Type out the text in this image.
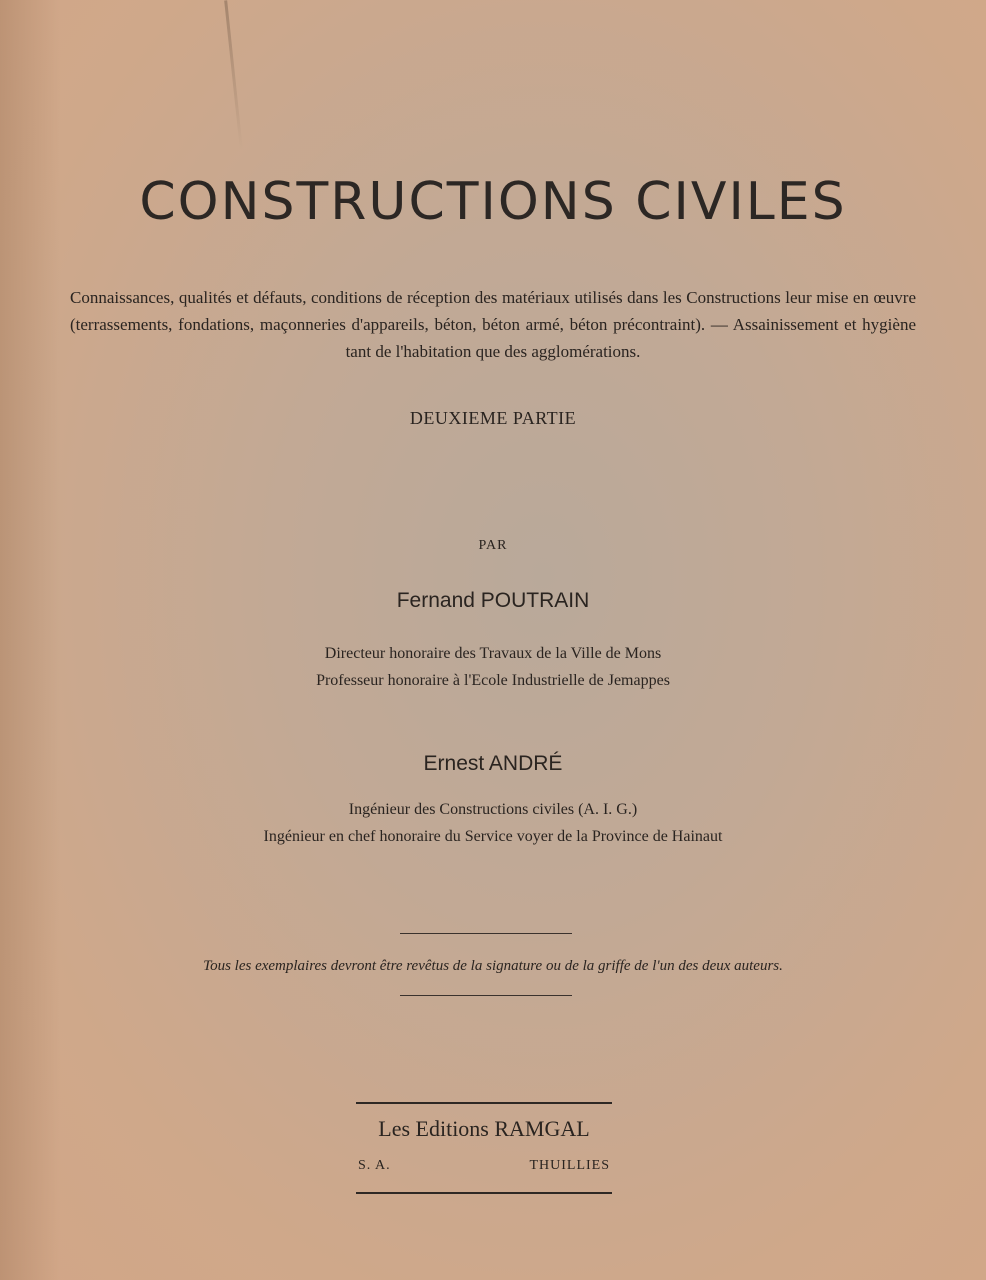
CONSTRUCTIONS CIVILES
Connaissances, qualités et défauts, conditions de réception des matériaux utilisés dans les Constructions leur mise en œuvre (terrassements, fondations, maçonneries d'appareils, béton, béton armé, béton précontraint). — Assainissement et hygiène tant de l'habitation que des agglomérations.
DEUXIEME PARTIE
PAR
Fernand POUTRAIN
Directeur honoraire des Travaux de la Ville de Mons
Professeur honoraire à l'Ecole Industrielle de Jemappes
Ernest ANDRÉ
Ingénieur des Constructions civiles (A. I. G.)
Ingénieur en chef honoraire du Service voyer de la Province de Hainaut
Tous les exemplaires devront être revêtus de la signature ou de la griffe de l'un des deux auteurs.
Les Editions RAMGAL
S. A.	THUILLIES
